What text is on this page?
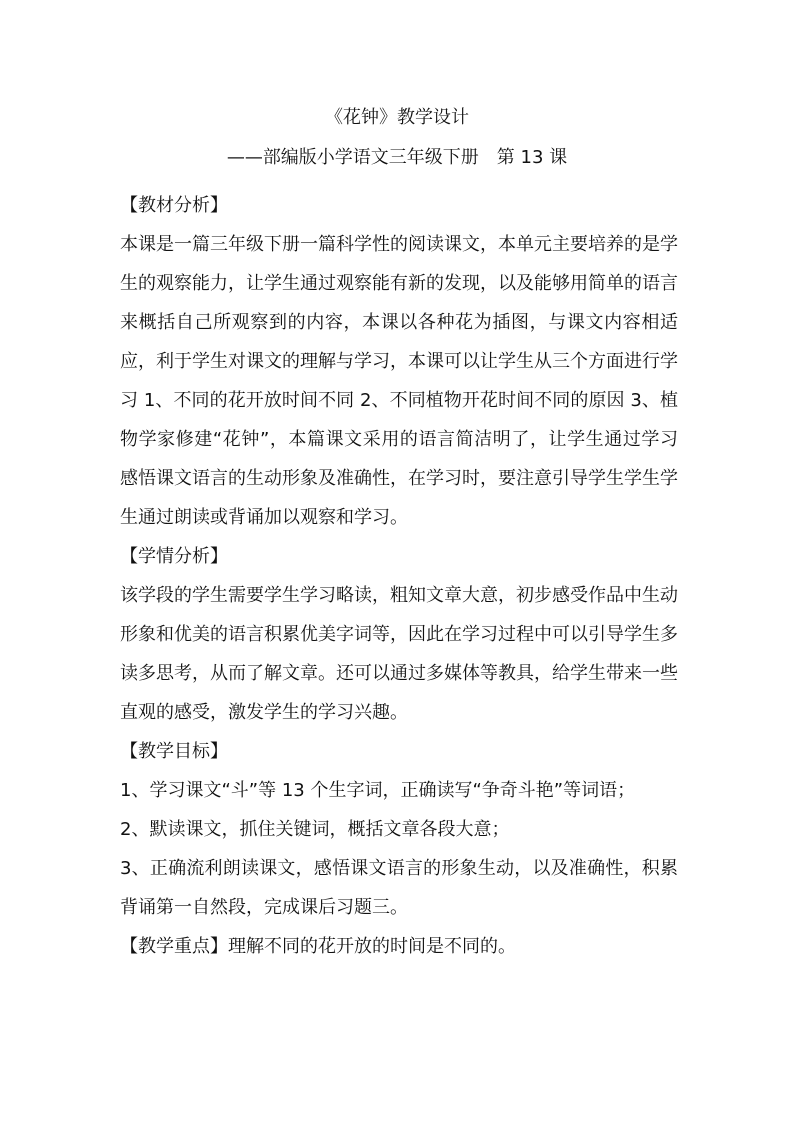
《花钟》教学设计
——部编版小学语文三年级下册　第 13 课

【教材分析】

本课是一篇三年级下册一篇科学性的阅读课文，本单元主要培养的是学生的观察能力，让学生通过观察能有新的发现，以及能够用简单的语言来概括自己所观察到的内容，本课以各种花为插图，与课文内容相适应，利于学生对课文的理解与学习，本课可以让学生从三个方面进行学习 1、不同的花开放时间不同 2、不同植物开花时间不同的原因 3、植物学家修建“花钟”，本篇课文采用的语言简洁明了，让学生通过学习感悟课文语言的生动形象及准确性，在学习时，要注意引导学生学生学生通过朗读或背诵加以观察和学习。

【学情分析】

该学段的学生需要学生学习略读，粗知文章大意，初步感受作品中生动形象和优美的语言积累优美字词等，因此在学习过程中可以引导学生多读多思考，从而了解文章。还可以通过多媒体等教具，给学生带来一些直观的感受，激发学生的学习兴趣。

【教学目标】

1、学习课文“斗”等 13 个生字词，正确读写“争奇斗艳”等词语；

2、默读课文，抓住关键词，概括文章各段大意；

3、正确流利朗读课文，感悟课文语言的形象生动，以及准确性，积累背诵第一自然段，完成课后习题三。

【教学重点】理解不同的花开放的时间是不同的。
